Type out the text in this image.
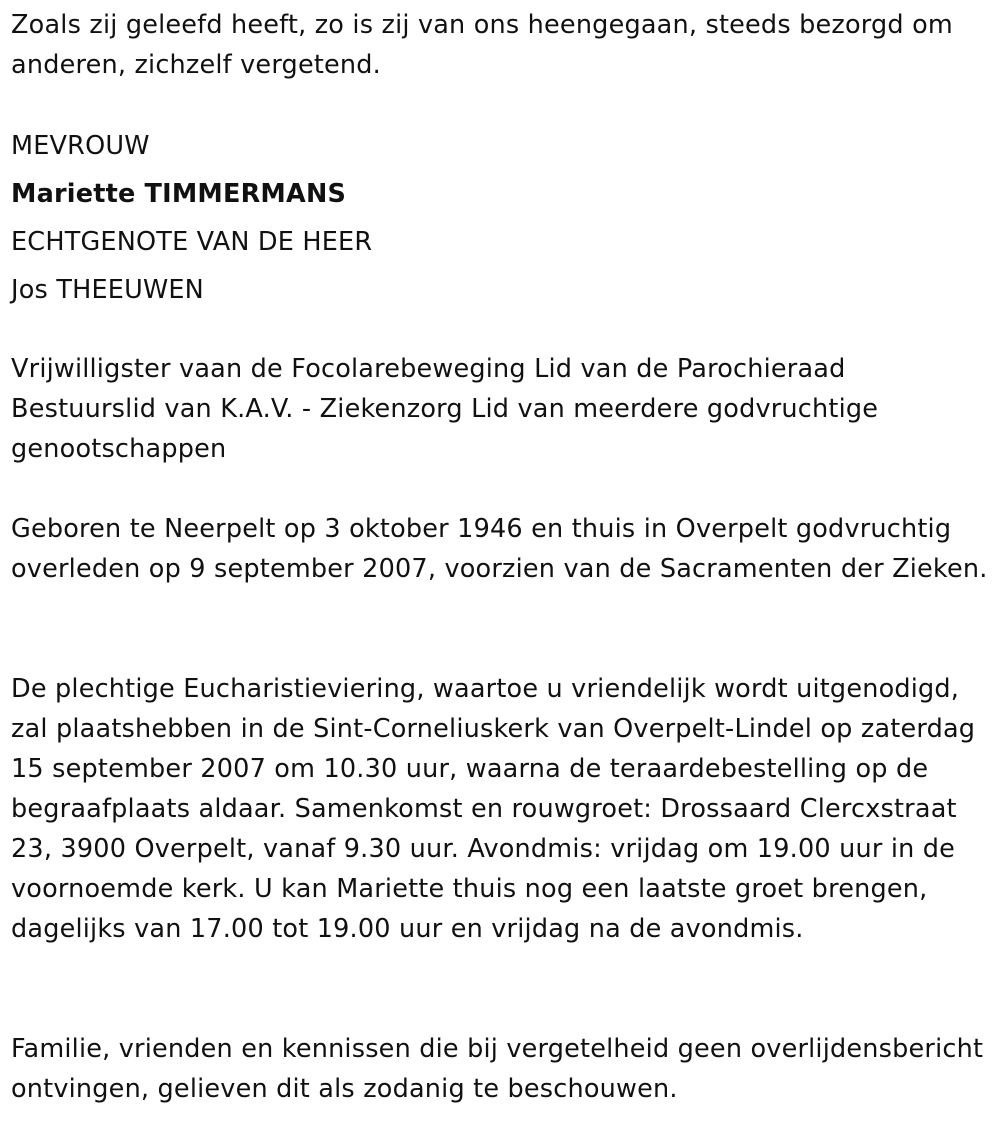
Zoals zij geleefd heeft, zo is zij van ons heengegaan, steeds bezorgd om anderen, zichzelf vergetend.

MEVROUW
Mariette TIMMERMANS
ECHTGENOTE VAN DE HEER
Jos THEEUWEN

Vrijwilligster vaan de Focolarebeweging Lid van de Parochieraad Bestuurslid van K.A.V. - Ziekenzorg Lid van meerdere godvruchtige genootschappen

Geboren te Neerpelt op 3 oktober 1946 en thuis in Overpelt godvruchtig overleden op 9 september 2007, voorzien van de Sacramenten der Zieken.

De plechtige Eucharistieviering, waartoe u vriendelijk wordt uitgenodigd, zal plaatshebben in de Sint-Corneliuskerk van Overpelt-Lindel op zaterdag 15 september 2007 om 10.30 uur, waarna de teraardebestelling op de begraafplaats aldaar. Samenkomst en rouwgroet: Drossaard Clercxstraat 23, 3900 Overpelt, vanaf 9.30 uur. Avondmis: vrijdag om 19.00 uur in de voornoemde kerk. U kan Mariette thuis nog een laatste groet brengen, dagelijks van 17.00 tot 19.00 uur en vrijdag na de avondmis.

Familie, vrienden en kennissen die bij vergetelheid geen overlijdensbericht ontvingen, gelieven dit als zodanig te beschouwen.
